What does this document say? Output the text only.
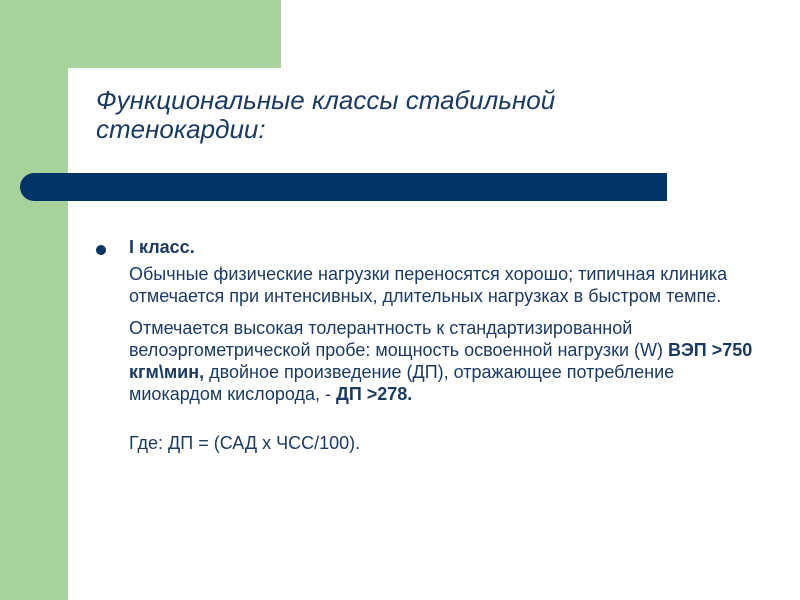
Функциональные классы стабильной
стенокардии:

I класс.

Обычные физические нагрузки переносятся хорошо; типичная клиника отмечается при интенсивных, длительных нагрузках в быстром темпе.

Отмечается высокая толерантность к стандартизированной велоэргометрической пробе: мощность освоенной нагрузки (W) ВЭП >750 кгм\мин, двойное произведение (ДП), отражающее потребление миокардом кислорода, - ДП >278.

Где: ДП = (САД х ЧСС/100).
